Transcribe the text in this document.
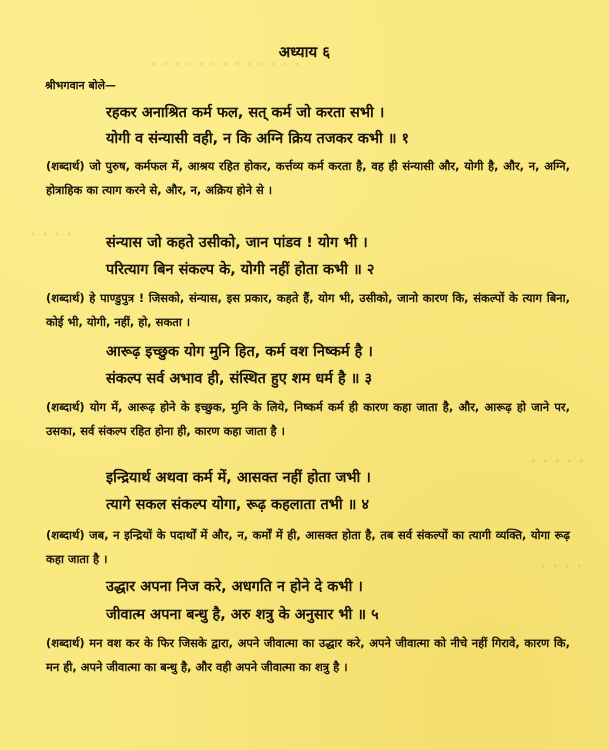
• • • • • • • • • • • • •
• • • •
• • • • •
• • • •
अध्याय ६
श्रीभगवान बोले—
रहकर अनाश्रित कर्म फल, सत् कर्म जो करता सभी ।
योगी व संन्यासी वही, न कि अग्नि क्रिय तजकर कभी ॥ १
(शब्दार्थ) जो पुरुष, कर्मफल में, आश्रय रहित होकर, कर्त्तव्य कर्म करता है, वह ही संन्यासी और, योगी है, और, न, अग्नि, होत्राहिक का त्याग करने से, और, न, अक्रिय होने से ।
संन्यास जो कहते उसीको, जान पांडव ! योग भी ।
परित्याग बिन संकल्प के, योगी नहीं होता कभी ॥ २
(शब्दार्थ) हे पाण्डुपुत्र ! जिसको, संन्यास, इस प्रकार, कहते हैं, योग भी, उसीको, जानो कारण कि, संकल्पों के त्याग बिना, कोई भी, योगी, नहीं, हो, सकता ।
आरूढ़ इच्छुक योग मुनि हित, कर्म वश निष्कर्म है ।
संकल्प सर्व अभाव ही, संस्थित हुए शम धर्म है ॥ ३
(शब्दार्थ) योग में, आरूढ़ होने के इच्छुक, मुनि के लिये, निष्कर्म कर्म ही कारण कहा जाता है, और, आरूढ़ हो जाने पर, उसका, सर्व संकल्प रहित होना ही, कारण कहा जाता है ।
इन्द्रियार्थ अथवा कर्म में, आसक्त नहीं होता जभी ।
त्यागे सकल संकल्प योगा, रूढ़ कहलाता तभी ॥ ४
(शब्दार्थ) जब, न इन्द्रियों के पदार्थों में और, न, कर्मों में ही, आसक्त होता है, तब सर्व संकल्पों का त्यागी व्यक्ति, योगा रूढ़ कहा जाता है ।
उद्धार अपना निज करे, अधगति न होने दे कभी ।
जीवात्म अपना बन्धु है, अरु शत्रु के अनुसार भी ॥ ५
(शब्दार्थ) मन वश कर के फिर जिसके द्वारा, अपने जीवात्मा का उद्धार करे, अपने जीवात्मा को नीचे नहीं गिरावे, कारण कि, मन ही, अपने जीवात्मा का बन्धु है, और वही अपने जीवात्मा का शत्रु है ।
